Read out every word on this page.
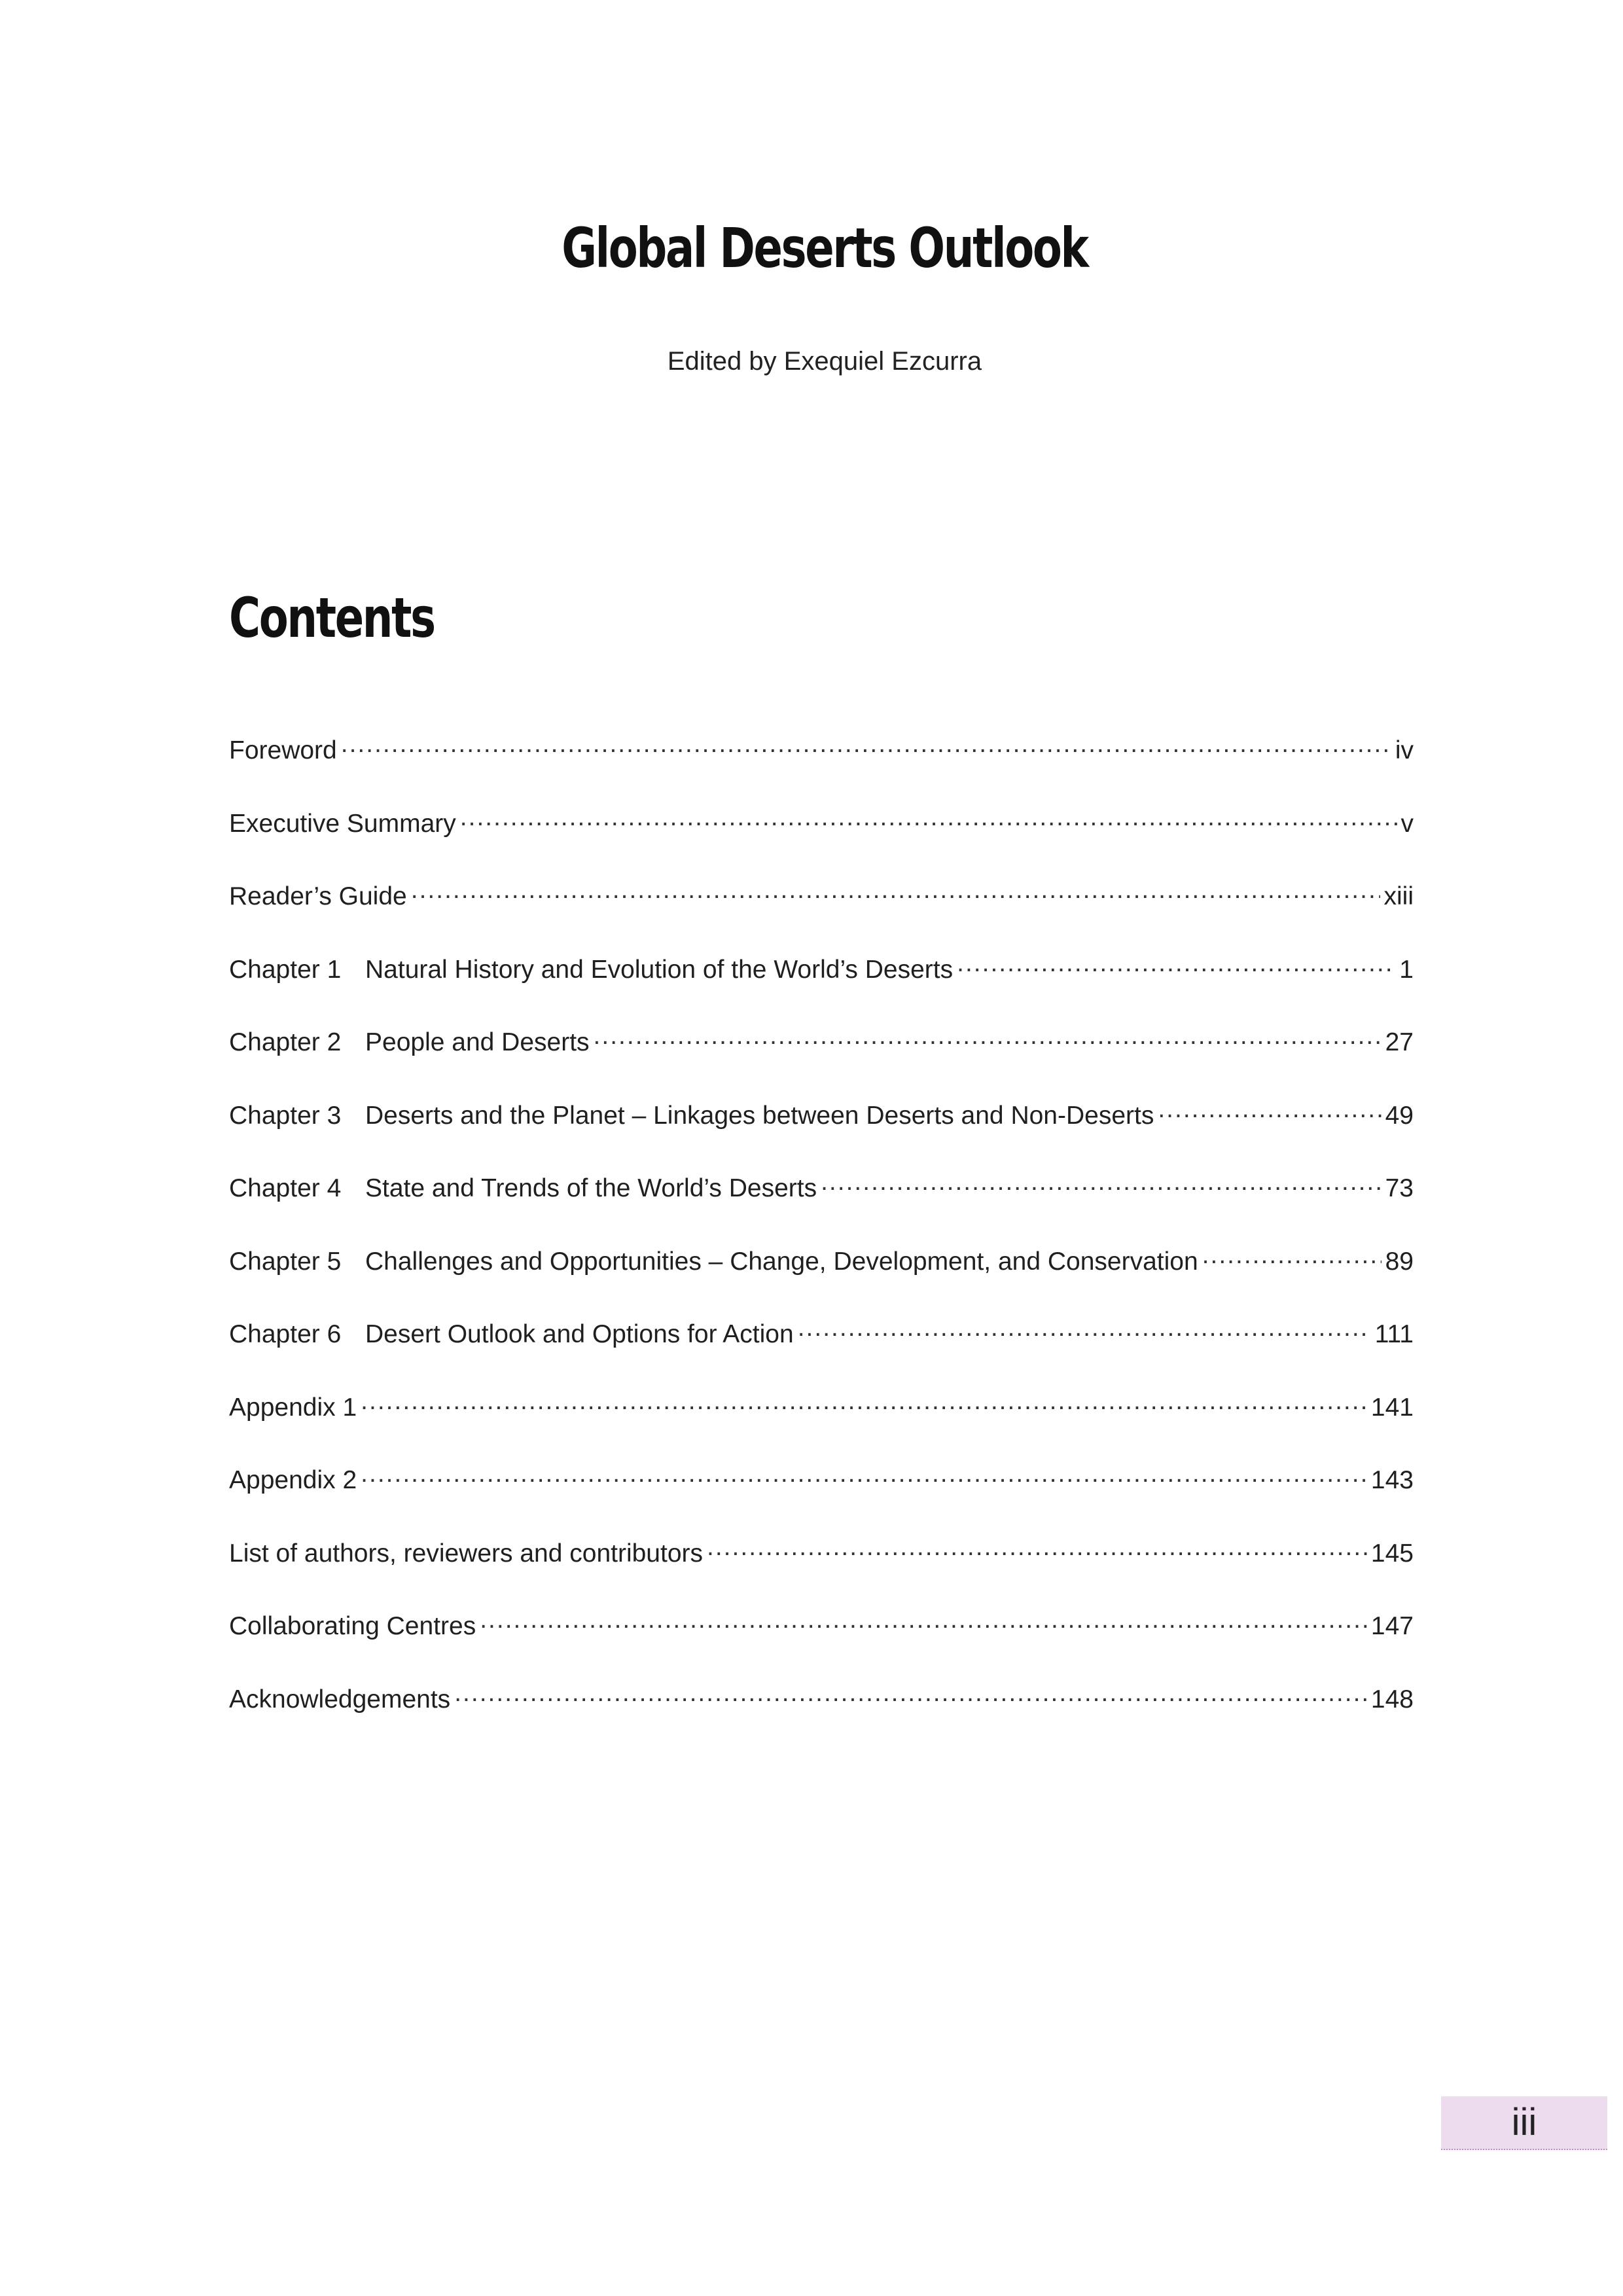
Global Deserts Outlook

Edited by Exequiel Ezcurra

Contents
Foreword .....	iv
Executive Summary .....	v
Reader’s Guide .....	xiii
Chapter 1 Natural History and Evolution of the World’s Deserts .....	1
Chapter 2 People and Deserts .....	27
Chapter 3 Deserts and the Planet – Linkages between Deserts and Non-Deserts .....	49
Chapter 4 State and Trends of the World’s Deserts .....	73
Chapter 5 Challenges and Opportunities – Change, Development, and Conservation .....	89
Chapter 6 Desert Outlook and Options for Action .....	111
Appendix 1 .....	141
Appendix 2 .....	143
List of authors, reviewers and contributors .....	145
Collaborating Centres .....	147
Acknowledgements .....	148
iii
